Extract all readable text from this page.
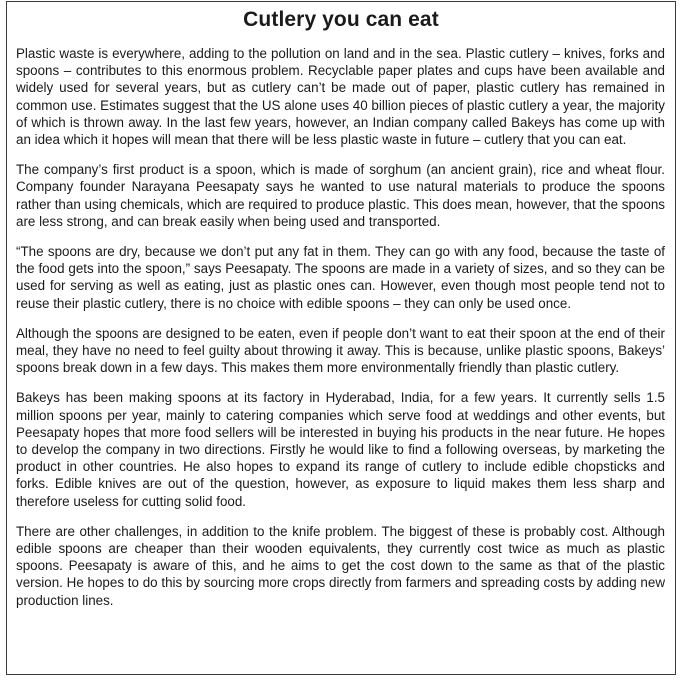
Cutlery you can eat

Plastic waste is everywhere, adding to the pollution on land and in the sea. Plastic cutlery – knives, forks and spoons – contributes to this enormous problem. Recyclable paper plates and cups have been available and widely used for several years, but as cutlery can’t be made out of paper, plastic cutlery has remained in common use. Estimates suggest that the US alone uses 40 billion pieces of plastic cutlery a year, the majority of which is thrown away. In the last few years, however, an Indian company called Bakeys has come up with an idea which it hopes will mean that there will be less plastic waste in future – cutlery that you can eat.

The company’s first product is a spoon, which is made of sorghum (an ancient grain), rice and wheat flour. Company founder Narayana Peesapaty says he wanted to use natural materials to produce the spoons rather than using chemicals, which are required to produce plastic. This does mean, however, that the spoons are less strong, and can break easily when being used and transported.

“The spoons are dry, because we don’t put any fat in them. They can go with any food, because the taste of the food gets into the spoon,” says Peesapaty. The spoons are made in a variety of sizes, and so they can be used for serving as well as eating, just as plastic ones can. However, even though most people tend not to reuse their plastic cutlery, there is no choice with edible spoons – they can only be used once.

Although the spoons are designed to be eaten, even if people don’t want to eat their spoon at the end of their meal, they have no need to feel guilty about throwing it away. This is because, unlike plastic spoons, Bakeys’ spoons break down in a few days. This makes them more environmentally friendly than plastic cutlery.

Bakeys has been making spoons at its factory in Hyderabad, India, for a few years. It currently sells 1.5 million spoons per year, mainly to catering companies which serve food at weddings and other events, but Peesapaty hopes that more food sellers will be interested in buying his products in the near future. He hopes to develop the company in two directions. Firstly he would like to find a following overseas, by marketing the product in other countries. He also hopes to expand its range of cutlery to include edible chopsticks and forks. Edible knives are out of the question, however, as exposure to liquid makes them less sharp and therefore useless for cutting solid food.

There are other challenges, in addition to the knife problem. The biggest of these is probably cost. Although edible spoons are cheaper than their wooden equivalents, they currently cost twice as much as plastic spoons. Peesapaty is aware of this, and he aims to get the cost down to the same as that of the plastic version. He hopes to do this by sourcing more crops directly from farmers and spreading costs by adding new production lines.
